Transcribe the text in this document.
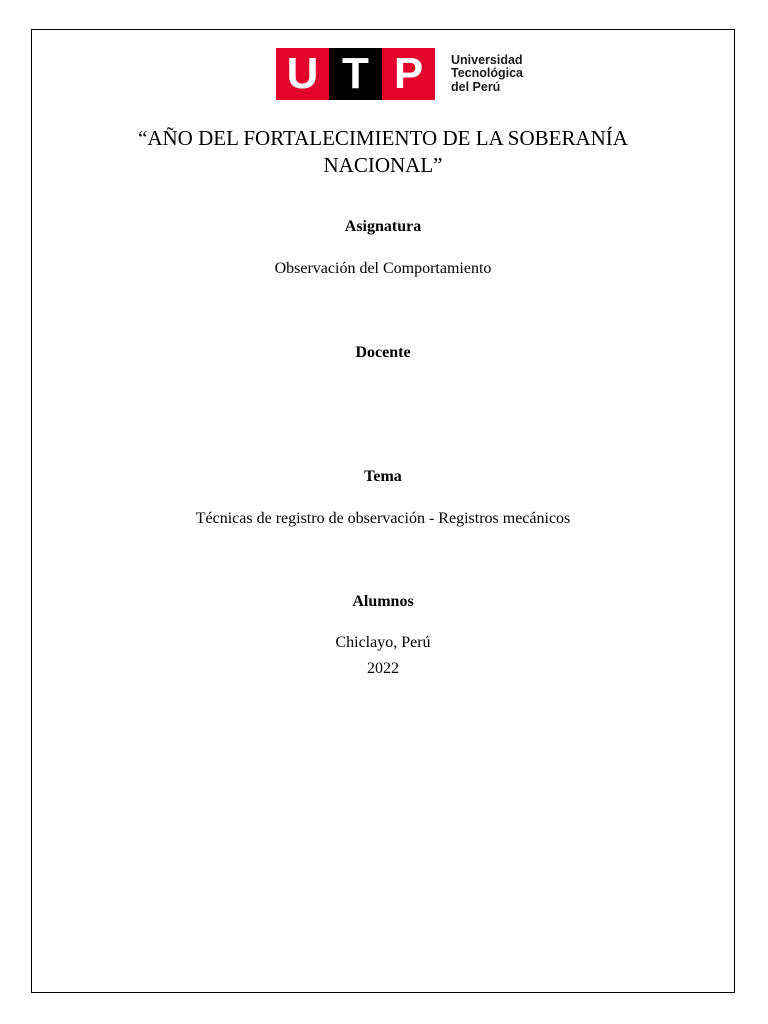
U T P	Universidad
Tecnológica
del Perú
“AÑO DEL FORTALECIMIENTO DE LA SOBERANÍA NACIONAL”

Asignatura

Observación del Comportamiento

Docente

Tema

Técnicas de registro de observación - Registros mecánicos

Alumnos

Chiclayo, Perú

2022
